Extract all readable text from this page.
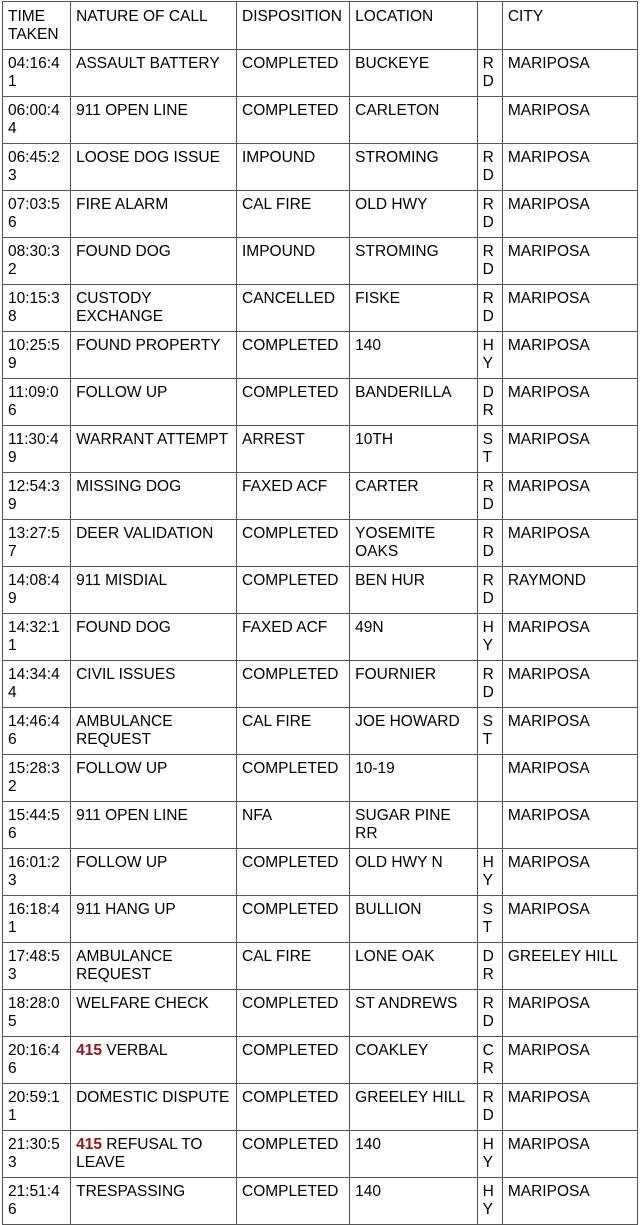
TIME TAKEN	NATURE OF CALL	DISPOSITION	LOCATION		CITY
04:16:41	ASSAULT BATTERY	COMPLETED	BUCKEYE	RD	MARIPOSA
06:00:44	911 OPEN LINE	COMPLETED	CARLETON		MARIPOSA
06:45:23	LOOSE DOG ISSUE	IMPOUND	STROMING	RD	MARIPOSA
07:03:56	FIRE ALARM	CAL FIRE	OLD HWY	RD	MARIPOSA
08:30:32	FOUND DOG	IMPOUND	STROMING	RD	MARIPOSA
10:15:38	CUSTODY EXCHANGE	CANCELLED	FISKE	RD	MARIPOSA
10:25:59	FOUND PROPERTY	COMPLETED	140	HY	MARIPOSA
11:09:06	FOLLOW UP	COMPLETED	BANDERILLA	DR	MARIPOSA
11:30:49	WARRANT ATTEMPT	ARREST	10TH	ST	MARIPOSA
12:54:39	MISSING DOG	FAXED ACF	CARTER	RD	MARIPOSA
13:27:57	DEER VALIDATION	COMPLETED	YOSEMITE OAKS	RD	MARIPOSA
14:08:49	911 MISDIAL	COMPLETED	BEN HUR	RD	RAYMOND
14:32:11	FOUND DOG	FAXED ACF	49N	HY	MARIPOSA
14:34:44	CIVIL ISSUES	COMPLETED	FOURNIER	RD	MARIPOSA
14:46:46	AMBULANCE REQUEST	CAL FIRE	JOE HOWARD	ST	MARIPOSA
15:28:32	FOLLOW UP	COMPLETED	10-19		MARIPOSA
15:44:56	911 OPEN LINE	NFA	SUGAR PINE RR		MARIPOSA
16:01:23	FOLLOW UP	COMPLETED	OLD HWY N	HY	MARIPOSA
16:18:41	911 HANG UP	COMPLETED	BULLION	ST	MARIPOSA
17:48:53	AMBULANCE REQUEST	CAL FIRE	LONE OAK	DR	GREELEY HILL
18:28:05	WELFARE CHECK	COMPLETED	ST ANDREWS	RD	MARIPOSA
20:16:46	415 VERBAL	COMPLETED	COAKLEY	CR	MARIPOSA
20:59:11	DOMESTIC DISPUTE	COMPLETED	GREELEY HILL	RD	MARIPOSA
21:30:53	415 REFUSAL TO LEAVE	COMPLETED	140	HY	MARIPOSA
21:51:46	TRESPASSING	COMPLETED	140	HY	MARIPOSA
